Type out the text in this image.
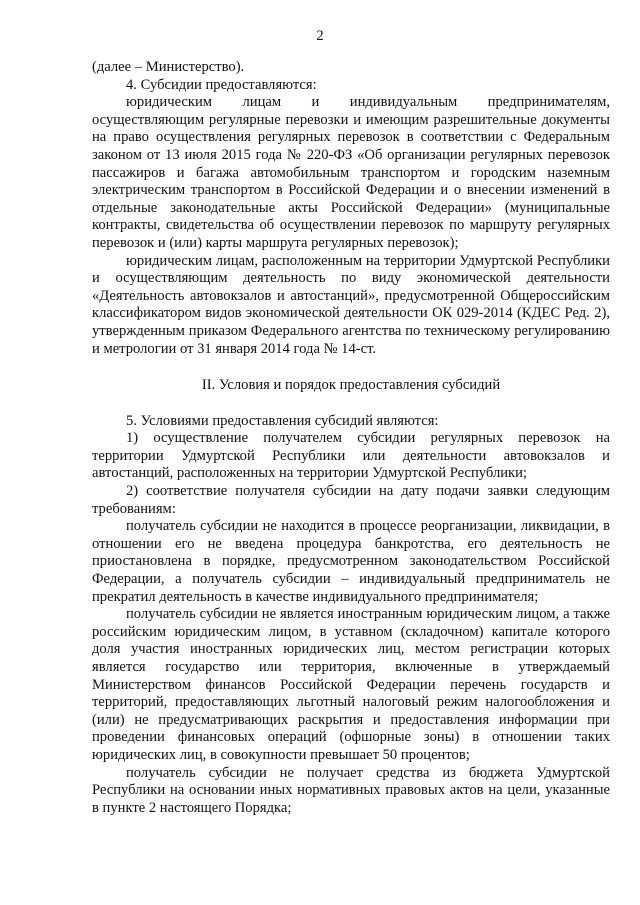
2

(далее – Министерство).

4. Субсидии предоставляются:

юридическим лицам и индивидуальным предпринимателям, осуществляющим регулярные перевозки и имеющим разрешительные документы на право осуществления регулярных перевозок в соответствии с Федеральным законом от 13 июля 2015 года № 220-ФЗ «Об организации регулярных перевозок пассажиров и багажа автомобильным транспортом и городским наземным электрическим транспортом в Российской Федерации и о внесении изменений в отдельные законодательные акты Российской Федерации» (муниципальные контракты, свидетельства об осуществлении перевозок по маршруту регулярных перевозок и (или) карты маршрута регулярных перевозок);

юридическим лицам, расположенным на территории Удмуртской Республики и осуществляющим деятельность по виду экономической деятельности «Деятельность автовокзалов и автостанций», предусмотренной Общероссийским классификатором видов экономической деятельности ОК 029-2014 (КДЕС Ред. 2), утвержденным приказом Федерального агентства по техническому регулированию и метрологии от 31 января 2014 года № 14-ст.

II. Условия и порядок предоставления субсидий

5. Условиями предоставления субсидий являются:

1) осуществление получателем субсидии регулярных перевозок на территории Удмуртской Республики или деятельности автовокзалов и автостанций, расположенных на территории Удмуртской Республики;

2) соответствие получателя субсидии на дату подачи заявки следующим требованиям:

получатель субсидии не находится в процессе реорганизации, ликвидации, в отношении его не введена процедура банкротства, его деятельность не приостановлена в порядке, предусмотренном законодательством Российской Федерации, а получатель субсидии – индивидуальный предприниматель не прекратил деятельность в качестве индивидуального предпринимателя;

получатель субсидии не является иностранным юридическим лицом, а также российским юридическим лицом, в уставном (складочном) капитале которого доля участия иностранных юридических лиц, местом регистрации которых является государство или территория, включенные в утверждаемый Министерством финансов Российской Федерации перечень государств и территорий, предоставляющих льготный налоговый режим налогообложения и (или) не предусматривающих раскрытия и предоставления информации при проведении финансовых операций (офшорные зоны) в отношении таких юридических лиц, в совокупности превышает 50 процентов;

получатель субсидии не получает средства из бюджета Удмуртской Республики на основании иных нормативных правовых актов на цели, указанные в пункте 2 настоящего Порядка;
